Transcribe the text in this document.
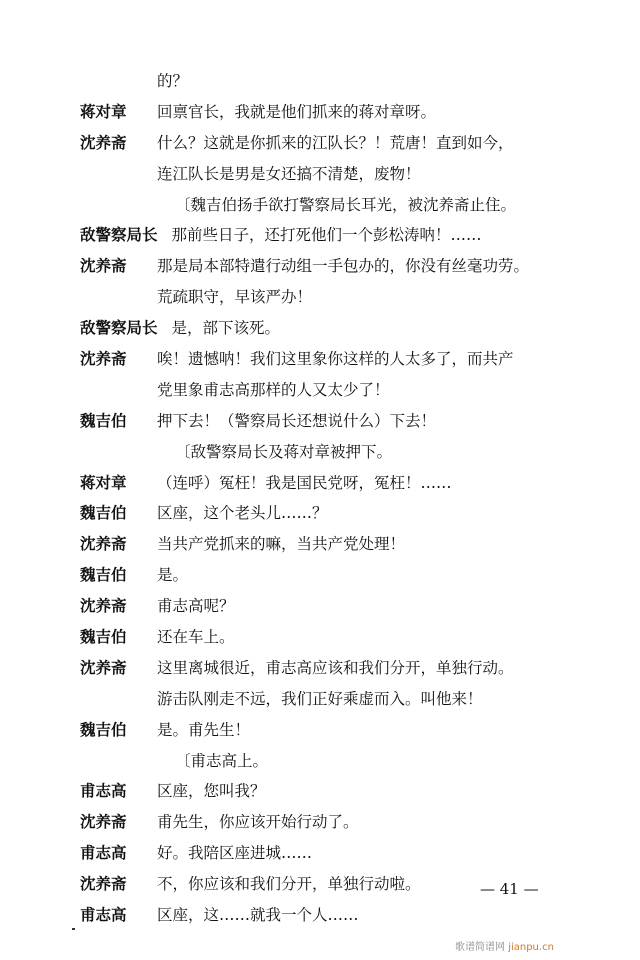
的？
蒋对章 回禀官长，我就是他们抓来的蒋对章呀。
沈养斋 什么？这就是你抓来的江队长？！荒唐！直到如今，
连江队长是男是女还搞不清楚，废物！
〔魏吉伯扬手欲打警察局长耳光，被沈养斋止住。
敌警察局长 那前些日子，还打死他们一个彭松涛呐！……
沈养斋 那是局本部特遣行动组一手包办的，你没有丝毫功劳。
荒疏职守，早该严办！
敌警察局长 是，部下该死。
沈养斋 唉！遗憾呐！我们这里象你这样的人太多了，而共产
党里象甫志高那样的人又太少了！
魏吉伯 押下去！（警察局长还想说什么）下去！
〔敌警察局长及蒋对章被押下。
蒋对章 （连呼）冤枉！我是国民党呀，冤枉！……
魏吉伯 区座，这个老头儿……？
沈养斋 当共产党抓来的嘛，当共产党处理！
魏吉伯 是。
沈养斋 甫志高呢？
魏吉伯 还在车上。
沈养斋 这里离城很近，甫志高应该和我们分开，单独行动。
游击队刚走不远，我们正好乘虚而入。叫他来！
魏吉伯 是。甫先生！
〔甫志高上。
甫志高 区座，您叫我？
沈养斋 甫先生，你应该开始行动了。
甫志高 好。我陪区座进城……
沈养斋 不，你应该和我们分开，单独行动啦。
甫志高 区座，这……就我一个人……
— 41 —
歌谱简谱网 jianpu.cn
